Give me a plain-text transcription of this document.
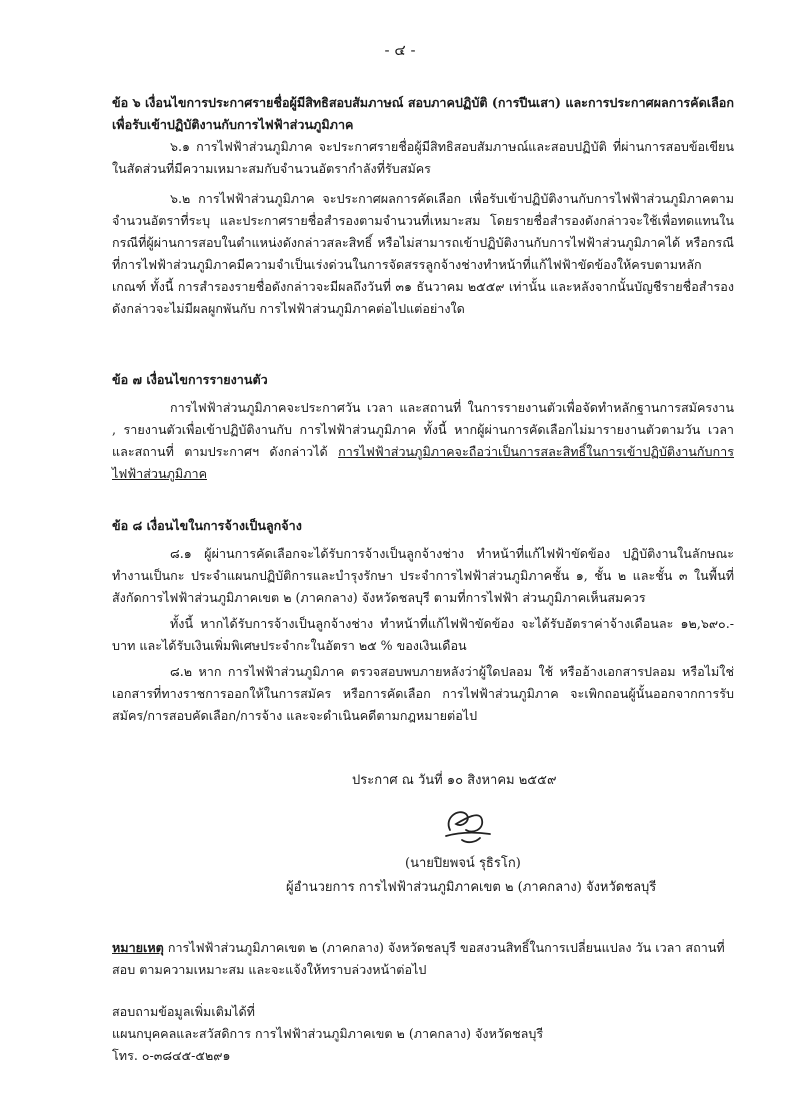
- ๔ -

ข้อ ๖ เงื่อนไขการประกาศรายชื่อผู้มีสิทธิสอบสัมภาษณ์ สอบภาคปฏิบัติ (การปีนเสา) และการประกาศผลการคัดเลือกเพื่อรับเข้าปฏิบัติงานกับการไฟฟ้าส่วนภูมิภาค

๖.๑ การไฟฟ้าส่วนภูมิภาค จะประกาศรายชื่อผู้มีสิทธิสอบสัมภาษณ์และสอบปฏิบัติ ที่ผ่านการสอบข้อเขียนในสัดส่วนที่มีความเหมาะสมกับจำนวนอัตรากำลังที่รับสมัคร

๖.๒ การไฟฟ้าส่วนภูมิภาค จะประกาศผลการคัดเลือก เพื่อรับเข้าปฏิบัติงานกับการไฟฟ้าส่วนภูมิภาคตามจำนวนอัตราที่ระบุ และประกาศรายชื่อสำรองตามจำนวนที่เหมาะสม โดยรายชื่อสำรองดังกล่าวจะใช้เพื่อทดแทนในกรณีที่ผู้ผ่านการสอบในตำแหน่งดังกล่าวสละสิทธิ์ หรือไม่สามารถเข้าปฏิบัติงานกับการไฟฟ้าส่วนภูมิภาคได้ หรือกรณีที่การไฟฟ้าส่วนภูมิภาคมีความจำเป็นเร่งด่วนในการจัดสรรลูกจ้างช่างทำหน้าที่แก้ไฟฟ้าขัดข้องให้ครบตามหลักเกณฑ์ ทั้งนี้ การสำรองรายชื่อดังกล่าวจะมีผลถึงวันที่ ๓๑ ธันวาคม ๒๕๕๙ เท่านั้น และหลังจากนั้นบัญชีรายชื่อสำรองดังกล่าวจะไม่มีผลผูกพันกับ การไฟฟ้าส่วนภูมิภาคต่อไปแต่อย่างใด

ข้อ ๗ เงื่อนไขการรายงานตัว

การไฟฟ้าส่วนภูมิภาคจะประกาศวัน เวลา และสถานที่ ในการรายงานตัวเพื่อจัดทำหลักฐานการสมัครงาน , รายงานตัวเพื่อเข้าปฏิบัติงานกับ การไฟฟ้าส่วนภูมิภาค ทั้งนี้ หากผู้ผ่านการคัดเลือกไม่มารายงานตัวตามวัน เวลา และสถานที่ ตามประกาศฯ ดังกล่าวได้ การไฟฟ้าส่วนภูมิภาคจะถือว่าเป็นการสละสิทธิ์ในการเข้าปฏิบัติงานกับการไฟฟ้าส่วนภูมิภาค

ข้อ ๘ เงื่อนไขในการจ้างเป็นลูกจ้าง

๘.๑ ผู้ผ่านการคัดเลือกจะได้รับการจ้างเป็นลูกจ้างช่าง ทำหน้าที่แก้ไฟฟ้าขัดข้อง ปฏิบัติงานในลักษณะทำงานเป็นกะ ประจำแผนกปฏิบัติการและบำรุงรักษา ประจำการไฟฟ้าส่วนภูมิภาคชั้น ๑, ชั้น ๒ และชั้น ๓ ในพื้นที่สังกัดการไฟฟ้าส่วนภูมิภาคเขต ๒ (ภาคกลาง) จังหวัดชลบุรี ตามที่การไฟฟ้า ส่วนภูมิภาคเห็นสมควร

ทั้งนี้ หากได้รับการจ้างเป็นลูกจ้างช่าง ทำหน้าที่แก้ไฟฟ้าขัดข้อง จะได้รับอัตราค่าจ้างเดือนละ ๑๒,๖๙๐.-บาท และได้รับเงินเพิ่มพิเศษประจำกะในอัตรา ๒๕ % ของเงินเดือน

๘.๒ หาก การไฟฟ้าส่วนภูมิภาค ตรวจสอบพบภายหลังว่าผู้ใดปลอม ใช้ หรืออ้างเอกสารปลอม หรือไม่ใช่เอกสารที่ทางราชการออกให้ในการสมัคร หรือการคัดเลือก การไฟฟ้าส่วนภูมิภาค จะเพิกถอนผู้นั้นออกจากการรับสมัคร/การสอบคัดเลือก/การจ้าง และจะดำเนินคดีตามกฎหมายต่อไป

ประกาศ ณ วันที่ ๑๐ สิงหาคม ๒๕๕๙
(นายปิยพจน์ รุธิรโก)
ผู้อำนวยการ การไฟฟ้าส่วนภูมิภาคเขต ๒ (ภาคกลาง) จังหวัดชลบุรี
หมายเหตุ การไฟฟ้าส่วนภูมิภาคเขต ๒ (ภาคกลาง) จังหวัดชลบุรี ขอสงวนสิทธิ์ในการเปลี่ยนแปลง วัน เวลา สถานที่สอบ ตามความเหมาะสม และจะแจ้งให้ทราบล่วงหน้าต่อไป
สอบถามข้อมูลเพิ่มเติมได้ที่
แผนกบุคคลและสวัสดิการ การไฟฟ้าส่วนภูมิภาคเขต ๒ (ภาคกลาง) จังหวัดชลบุรี
โทร. ๐-๓๘๔๕-๕๒๙๑
